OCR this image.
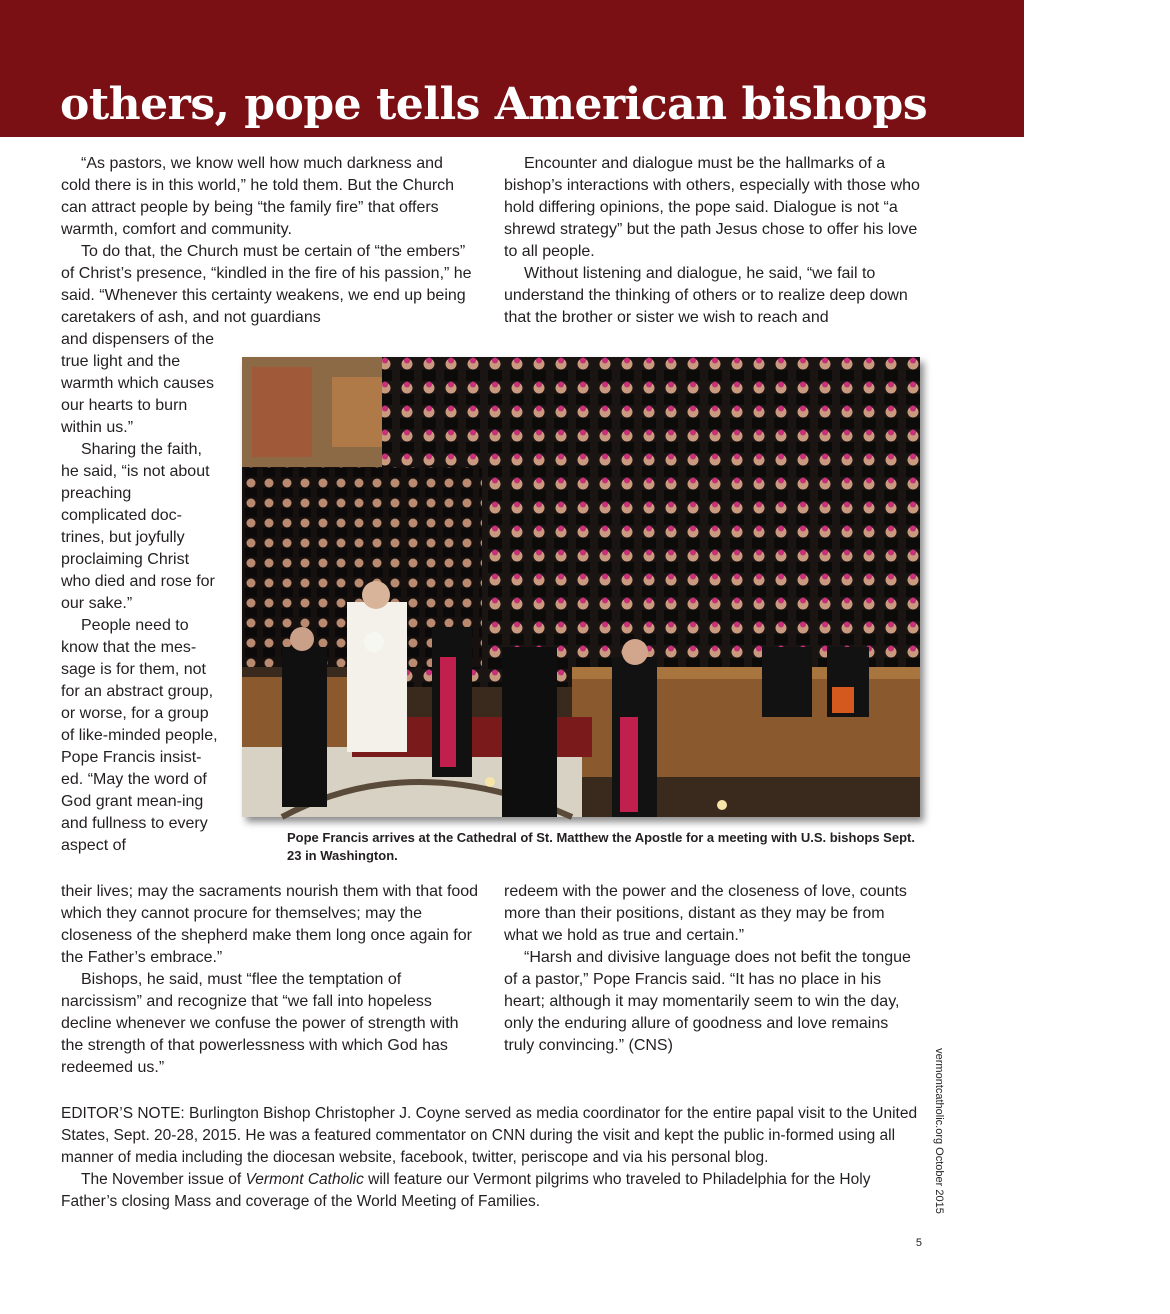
others, pope tells American bishops

“As pastors, we know well how much darkness and cold there is in this world,” he told them. But the Church can attract people by being “the family fire” that offers warmth, comfort and community.

To do that, the Church must be certain of “the embers” of Christ’s presence, “kindled in the fire of his passion,” he said. “Whenever this certainty weakens, we end up being caretakers of ash, and not guardians

and dispensers of the true light and the warmth which causes our hearts to burn within us.”

Sharing the faith, he said, “is not about preaching complicated doc-trines, but joyfully proclaiming Christ who died and rose for our sake.”

People need to know that the mes-sage is for them, not for an abstract group, or worse, for a group of like-minded people, Pope Francis insist-ed. “May the word of God grant mean-ing and fullness to every aspect of

their lives; may the sacraments nourish them with that food which they cannot procure for themselves; may the closeness of the shepherd make them long once again for the Father’s embrace.”

Bishops, he said, must “flee the temptation of narcissism” and recognize that “we fall into hopeless decline whenever we confuse the power of strength with the strength of that powerlessness with which God has redeemed us.”

Encounter and dialogue must be the hallmarks of a bishop’s interactions with others, especially with those who hold differing opinions, the pope said. Dialogue is not “a shrewd strategy” but the path Jesus chose to offer his love to all people.

Without listening and dialogue, he said, “we fail to understand the thinking of others or to realize deep down that the brother or sister we wish to reach and

redeem with the power and the closeness of love, counts more than their positions, distant as they may be from what we hold as true and certain.”

“Harsh and divisive language does not befit the tongue of a pastor,” Pope Francis said. “It has no place in his heart; although it may momentarily seem to win the day, only the enduring allure of goodness and love remains truly convincing.” (CNS)

(CNS photo/Jonathan Newton, pool)

Pope Francis arrives at the Cathedral of St. Matthew the Apostle for a meeting with U.S. bishops Sept. 23 in Washington.

EDITOR’S NOTE: Burlington Bishop Christopher J. Coyne served as media coordinator for the entire papal visit to the United States, Sept. 20-28, 2015. He was a featured commentator on CNN during the visit and kept the public in-formed using all manner of media including the diocesan website, facebook, twitter, periscope and via his personal blog.

The November issue of Vermont Catholic will feature our Vermont pilgrims who traveled to Philadelphia for the Holy Father’s closing Mass and coverage of the World Meeting of Families.	vermontcatholic.org October 2015
5
